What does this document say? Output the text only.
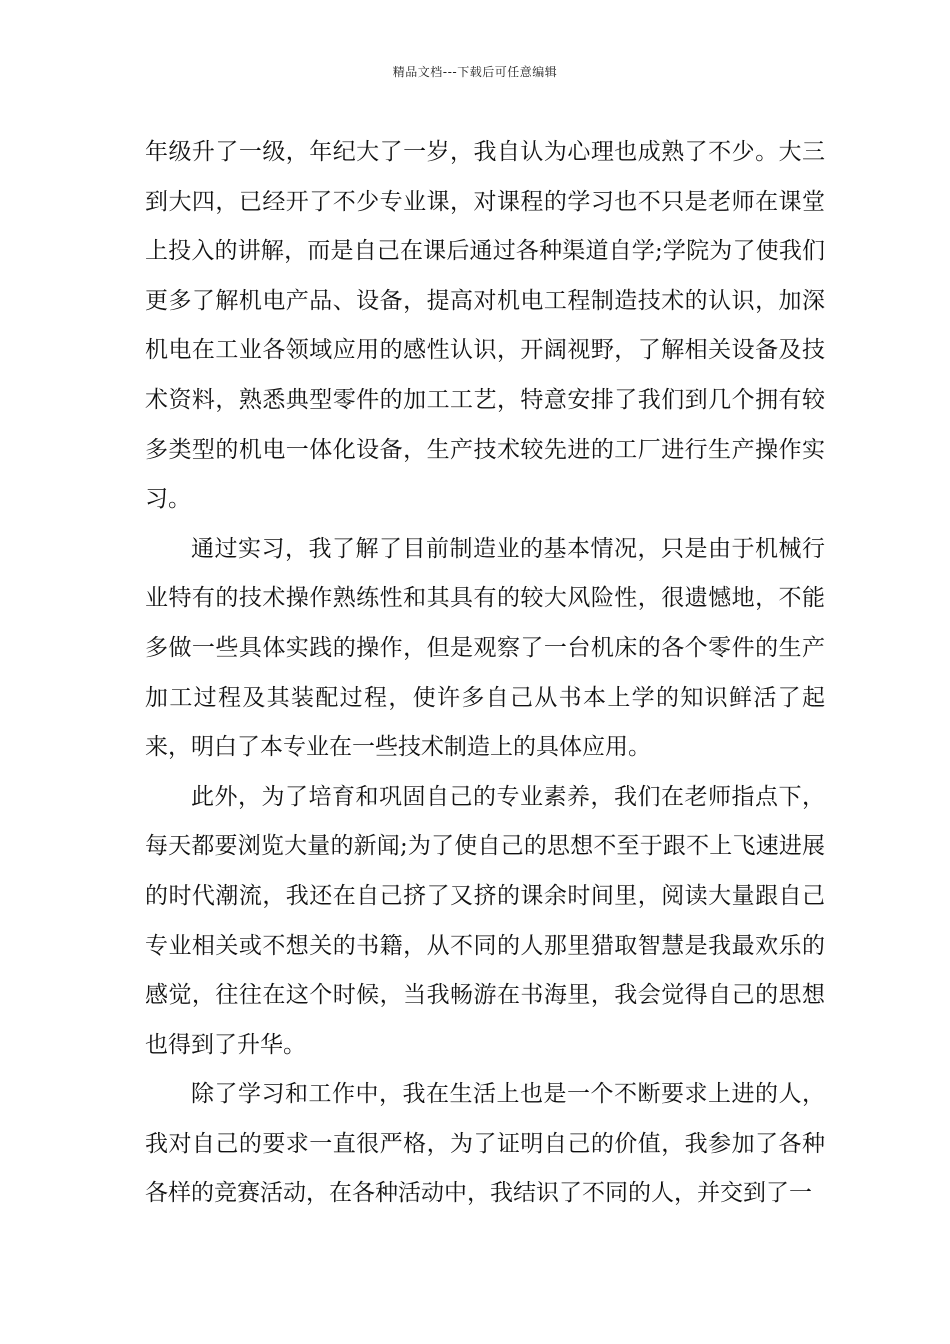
精品文档---下载后可任意编辑

年级升了一级，年纪大了一岁，我自认为心理也成熟了不少。大三到大四，已经开了不少专业课，对课程的学习也不只是老师在课堂上投入的讲解，而是自己在课后通过各种渠道自学;学院为了使我们更多了解机电产品、设备，提高对机电工程制造技术的认识，加深机电在工业各领域应用的感性认识，开阔视野，了解相关设备及技术资料，熟悉典型零件的加工工艺，特意安排了我们到几个拥有较多类型的机电一体化设备，生产技术较先进的工厂进行生产操作实习。

通过实习，我了解了目前制造业的基本情况，只是由于机械行业特有的技术操作熟练性和其具有的较大风险性，很遗憾地，不能多做一些具体实践的操作，但是观察了一台机床的各个零件的生产加工过程及其装配过程，使许多自己从书本上学的知识鲜活了起来，明白了本专业在一些技术制造上的具体应用。

此外，为了培育和巩固自己的专业素养，我们在老师指点下，每天都要浏览大量的新闻;为了使自己的思想不至于跟不上飞速进展的时代潮流，我还在自己挤了又挤的课余时间里，阅读大量跟自己专业相关或不想关的书籍，从不同的人那里猎取智慧是我最欢乐的感觉，往往在这个时候，当我畅游在书海里，我会觉得自己的思想也得到了升华。

除了学习和工作中，我在生活上也是一个不断要求上进的人，我对自己的要求一直很严格，为了证明自己的价值，我参加了各种各样的竞赛活动，在各种活动中，我结识了不同的人，并交到了一
